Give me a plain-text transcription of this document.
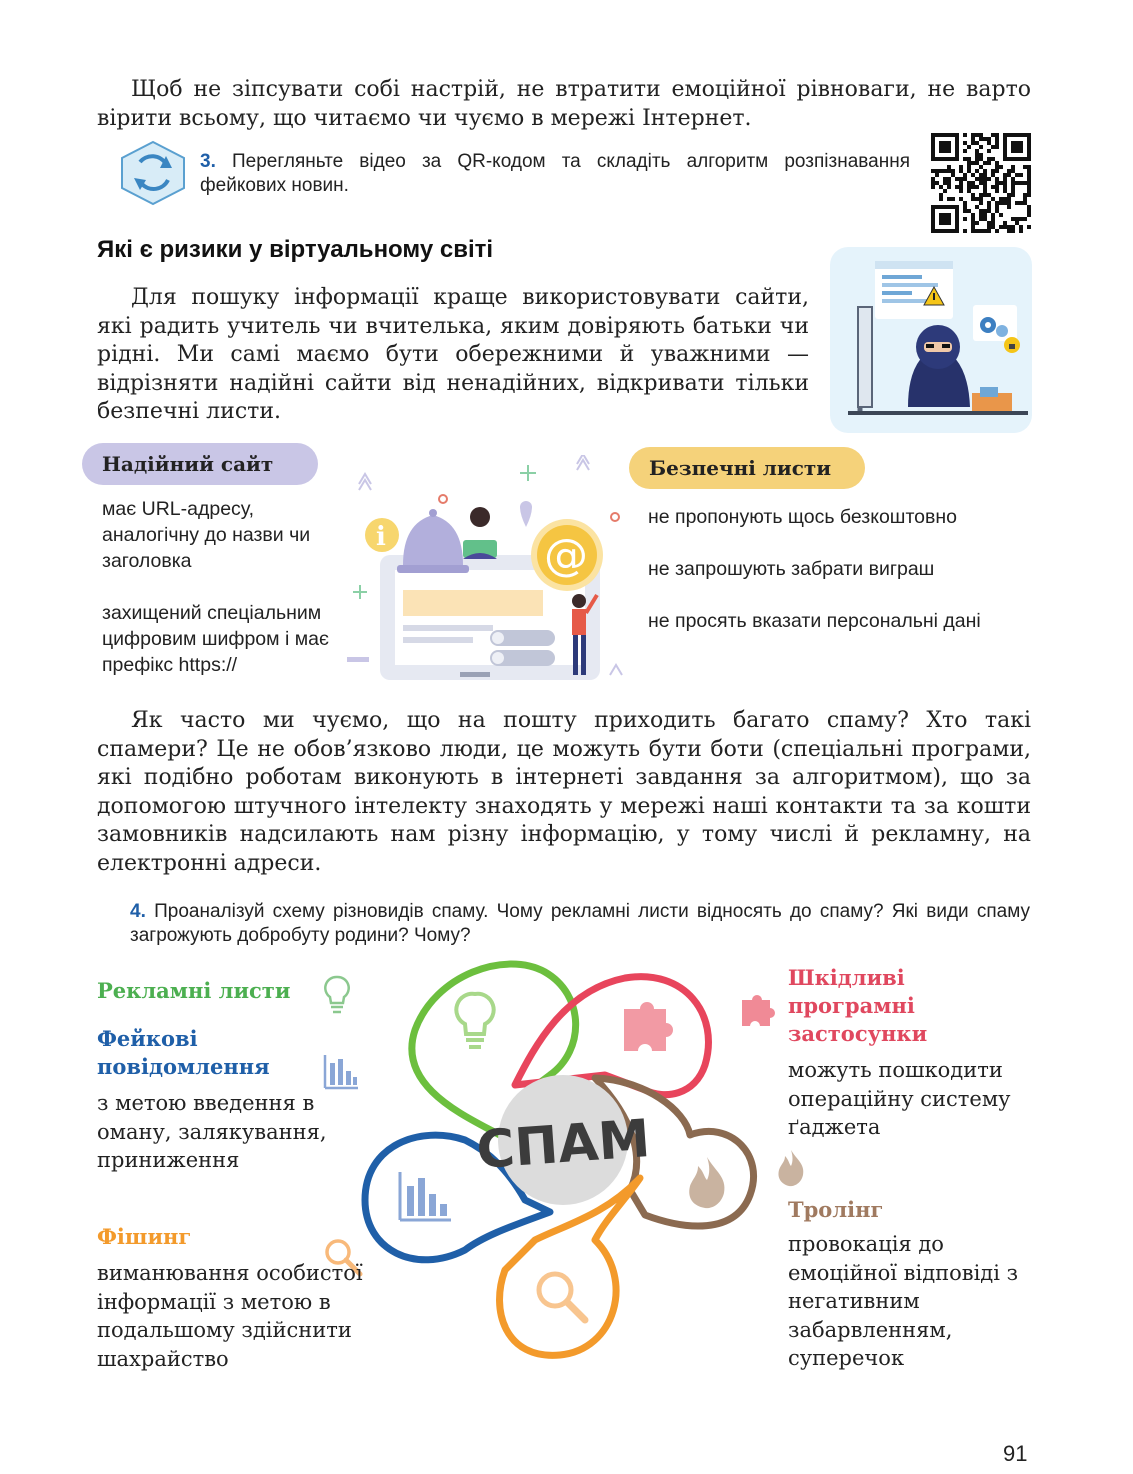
Щоб не зіпсувати собі настрій, не втратити емоційної рівноваги, не варто вірити всьому, що читаємо чи чуємо в мережі Інтернет.

3. Перегляньте відео за QR-кодом та складіть алгоритм розпізнавання фейкових новин.

Які є ризики у віртуальному світі

Для пошуку інформації краще використовувати сайти, які радить учитель чи вчителька, яким довіряють батьки чи рідні. Ми самі маємо бути обережними й уважними — відрізняти надійні сайти від ненадійних, відкривати тільки безпечні листи.

Надійний сайт

має URL-адресу, аналогічну до назви чи заголовка

захищений спеціальним цифровим шифром і має префікс https://

i	@
Безпечні листи

не пропонують щось безкоштовно

не запрошують забрати виграш

не просять вказати персональні дані

Як часто ми чуємо, що на пошту приходить багато спаму? Хто такі спамери? Це не обов’язково люди, це можуть бути боти (спеціальні програми, які подібно роботам виконують в інтернеті завдання за алгоритмом), що за допомогою штучного інтелекту знаходять у мережі наші контакти та за кошти замовників надсилають нам різну інформацію, у тому числі й рекламну, на електронні адреси.

4. Проаналізуй схему різновидів спаму. Чому рекламні листи відносять до спаму? Які види спаму загрожують добробуту родини? Чому?

Рекламні листи

Фейкові повідомлення

з метою введення в оману, залякування, приниження

Фішинг

виманювання особистої інформації з метою в подальшому здійснити шахрайство

Шкідливі програмні застосунки

можуть пошкодити операційну систему ґаджета

Тролінг

провокація до емоційної відповіді з негативним забарвленням, суперечок

СПАМ
91
